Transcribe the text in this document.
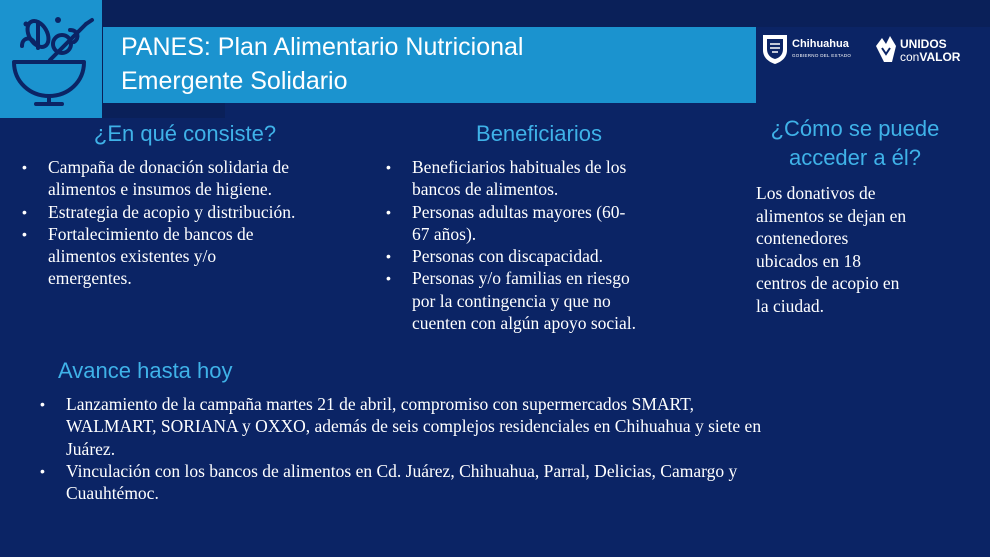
PANES: Plan Alimentario Nutricional
Emergente Solidario
Chihuahua
GOBIERNO DEL ESTADO
UNIDOS
conVALOR
¿En qué consiste?
• Campaña de donación solidaria de
alimentos e insumos de higiene.
• Estrategia de acopio y distribución.
• Fortalecimiento de bancos de
alimentos existentes y/o
emergentes.
Beneficiarios
• Beneficiarios habituales de los
bancos de alimentos.
• Personas adultas mayores (60-
67 años).
• Personas con discapacidad.
• Personas y/o familias en riesgo
por la contingencia y que no
cuenten con algún apoyo social.
¿Cómo se puede
acceder a él?
Los donativos de
alimentos se dejan en
contenedores
ubicados en 18
centros de acopio en
la ciudad.
Avance hasta hoy
• Lanzamiento de la campaña martes 21 de abril, compromiso con supermercados SMART,
WALMART, SORIANA y OXXO, además de seis complejos residenciales en Chihuahua y siete en
Juárez.
• Vinculación con los bancos de alimentos en Cd. Juárez, Chihuahua, Parral, Delicias, Camargo y
Cuauhtémoc.
